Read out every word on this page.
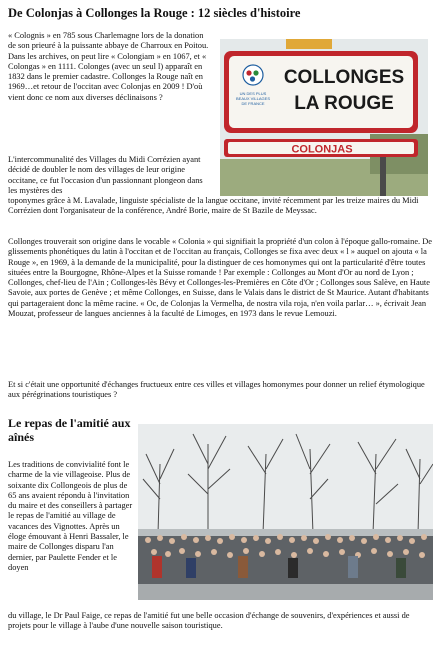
De Colonjas à Collonges la Rouge : 12 siècles d'histoire
« Colognis » en 785 sous Charlemagne lors de la donation de son prieuré à la puissante abbaye de Charroux en Poitou. Dans les archives, on peut lire « Colongiam » en 1067, et « Colongas » en 1111. Colonges (avec un seul l) apparaît en 1832 dans le premier cadastre. Collonges la Rouge naît en 1969…et retour de l'occitan avec Colonjas en 2009 ! D'où vient donc ce nom aux diverses déclinaisons ?	UN DES PLUS
BEAUX VILLAGES
DE FRANCE
COLLONGES
LA ROUGE
COLONJAS
L'intercommunalité des Villages du Midi Corrézien ayant décidé de doubler le nom des villages de leur origine occitane, ce fut l'occasion d'un passionnant plongeon dans les mystères des
toponymes grâce à M. Lavalade, linguiste spécialiste de la langue occitane, invité récemment par les treize maires du Midi Corrézien dont l'organisateur de la conférence, André Borie, maire de St Bazile de Meyssac.
Collonges trouverait son origine dans le vocable « Colonia » qui signifiait la propriété d'un colon à l'époque gallo-romaine. De glissements phonétiques du latin à l'occitan et de l'occitan au français, Collonges se fixa avec deux « l » auquel on ajouta « la Rouge », en 1969, à la demande de la municipalité, pour la distinguer de ces homonymes qui ont la particularité d'être toutes situées entre la Bourgogne, Rhône-Alpes et la Suisse romande ! Par exemple : Collonges au Mont d'Or au nord de Lyon ; Collonges, chef-lieu de l'Ain ; Collonges-lès Bévy et Collonges-les-Premières en Côte d'Or ; Collonges sous Salève, en Haute Savoie, aux portes de Genève ; et même Collonges, en Suisse, dans le Valais dans le district de St Maurice. Autant d'habitants qui partageraient donc la même racine. « Oc, de Colonjas la Vermelha, de nostra vila roja, n'en voila parlar… », écrivait Jean Mouzat, professeur de langues anciennes à la faculté de Limoges, en 1973 dans le revue Lemouzi.
Et si c'était une opportunité d'échanges fructueux entre ces villes et villages homonymes pour donner un relief étymologique aux pérégrinations touristiques ?
Le repas de l'amitié aux aînés
Les traditions de convivialité font le charme de la vie villageoise. Plus de soixante dix Collongeois de plus de 65 ans avaient répondu à l'invitation du maire et des conseillers à partager le repas de l'amitié au village de vacances des Vignottes. Après un éloge émouvant à Henri Bassaler, le maire de Collonges disparu l'an dernier, par Paulette Fender et le doyen
du village, le Dr Paul Faige, ce repas de l'amitié fut une belle occasion d'échange de souvenirs, d'expériences et aussi de projets pour le village à l'aube d'une nouvelle saison touristique.
